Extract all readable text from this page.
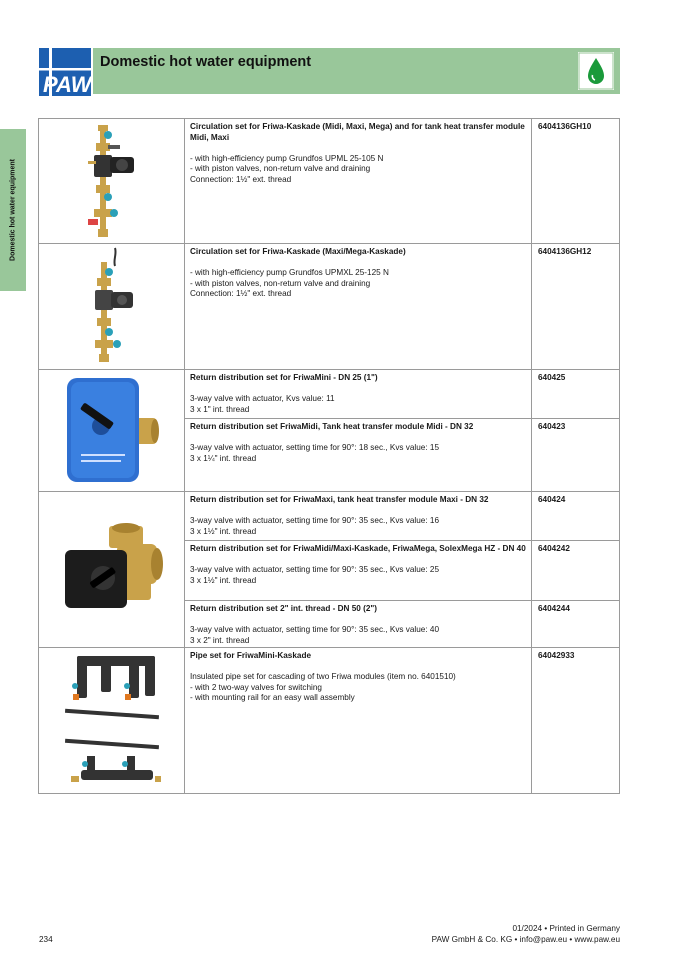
PAW
Domestic hot water equipment
Domestic hot water equipment
Circulation set for Friwa-Kaskade (Midi, Maxi, Mega) and for tank heat transfer module Midi, Maxi
- with high-efficiency pump Grundfos UPML 25-105 N
- with piston valves, non-return valve and draining
Connection: 1½" ext. thread
6404136GH10
Circulation set for Friwa-Kaskade (Maxi/Mega-Kaskade)
- with high-efficiency pump Grundfos UPMXL 25-125 N
- with piston valves, non-return valve and draining
Connection: 1½" ext. thread
6404136GH12
Return distribution set for FriwaMini - DN 25 (1")
3-way valve with actuator, Kvs value: 11
3 x 1" int. thread
640425
Return distribution set FriwaMidi, Tank heat transfer module Midi - DN 32
3-way valve with actuator, setting time for 90°: 18 sec., Kvs value: 15
3 x 1¼" int. thread
640423
Return distribution set for FriwaMaxi, tank heat transfer module Maxi - DN 32
3-way valve with actuator, setting time for 90°: 35 sec., Kvs value: 16
3 x 1½" int. thread
640424
Return distribution set for FriwaMidi/Maxi-Kaskade, FriwaMega, SolexMega HZ - DN 40
3-way valve with actuator, setting time for 90°: 35 sec., Kvs value: 25
3 x 1½" int. thread
6404242
Return distribution set 2" int. thread - DN 50 (2")
3-way valve with actuator, setting time for 90°: 35 sec., Kvs value: 40
3 x 2" int. thread
6404244
Pipe set for FriwaMini-Kaskade
Insulated pipe set for cascading of two Friwa modules (item no. 6401510)
- with 2 two-way valves for switching
- with mounting rail for an easy wall assembly
64042933
234
01/2024 • Printed in Germany
PAW GmbH & Co. KG • info@paw.eu • www.paw.eu
